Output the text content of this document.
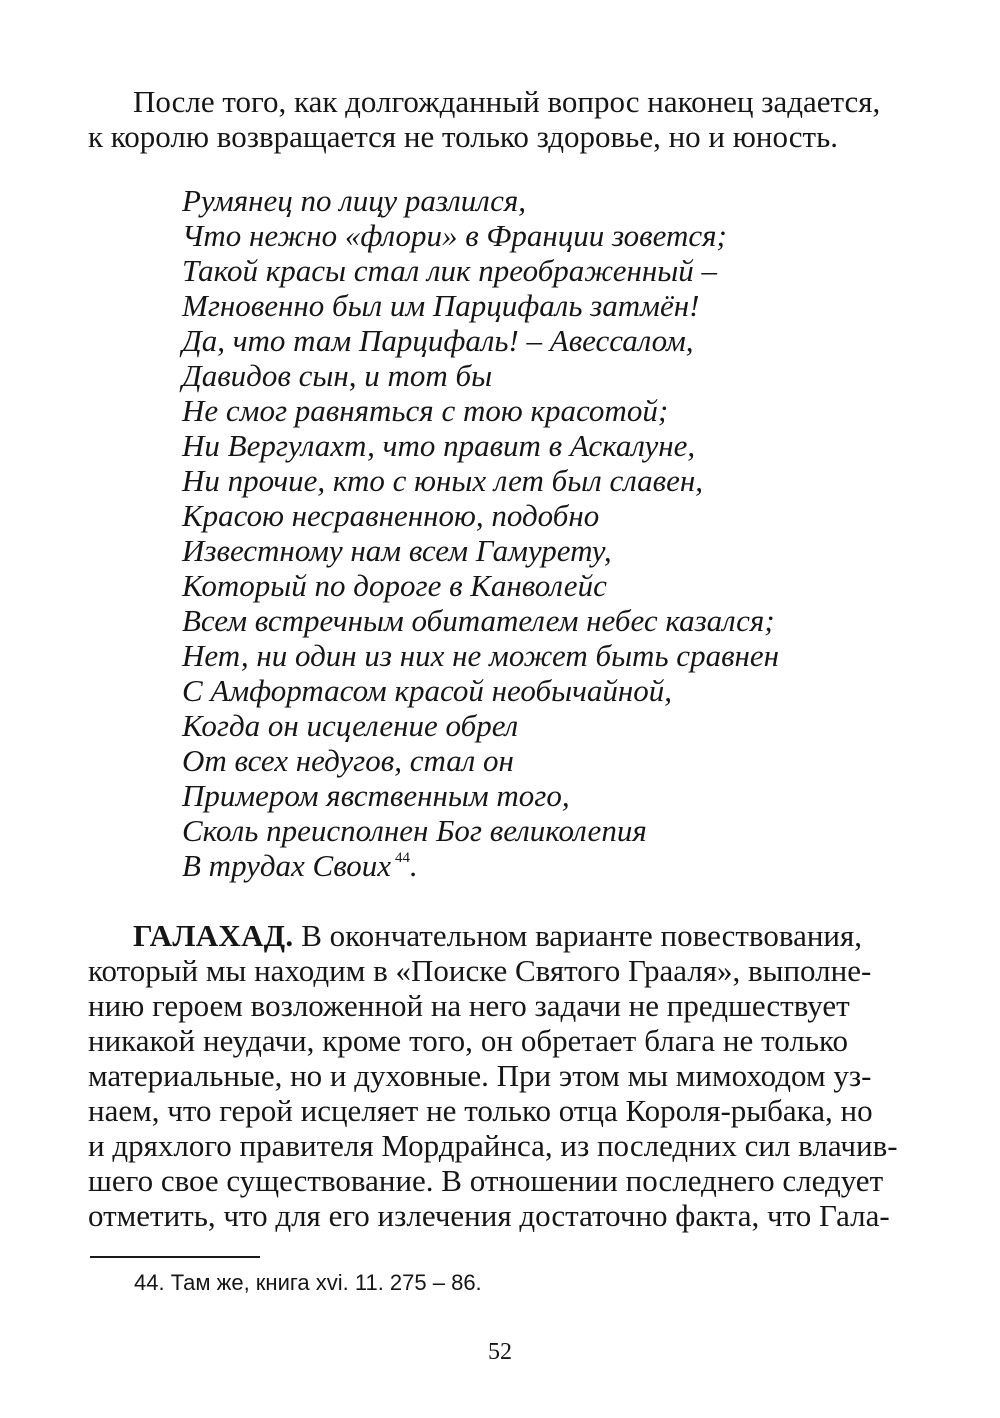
После того, как долгожданный вопрос наконец задается,

к королю возвращается не только здоровье, но и юность.

Румянец по лицу разлился,

Что нежно «флори» в Франции зовется;

Такой красы стал лик преображенный –

Мгновенно был им Парцифаль затмён!

Да, что там Парцифаль! – Авессалом,

Давидов сын, и тот бы

Не смог равняться с тою красотой;

Ни Вергулахт, что правит в Аскалуне,

Ни прочие, кто с юных лет был славен,

Красою несравненною, подобно

Известному нам всем Гамурету,

Который по дороге в Канволейс

Всем встречным обитателем небес казался;

Нет, ни один из них не может быть сравнен

С Амфортасом красой необычайной,

Когда он исцеление обрел

От всех недугов, стал он

Примером явственным того,

Сколь преисполнен Бог великолепия

В трудах Своих $^{44}$.

ГАЛАХАД. В окончательном варианте повествования,

который мы находим в «Поиске Святого Грааля», выполне-

нию героем возложенной на него задачи не предшествует

никакой неудачи, кроме того, он обретает блага не только

материальные, но и духовные. При этом мы мимоходом уз-

наем, что герой исцеляет не только отца Короля-рыбака, но

и дряхлого правителя Мордрайнса, из последних сил влачив-

шего свое существование. В отношении последнего следует

отметить, что для его излечения достаточно факта, что Гала-

44. Там же, книга xvi. 11. 275 – 86.

52
